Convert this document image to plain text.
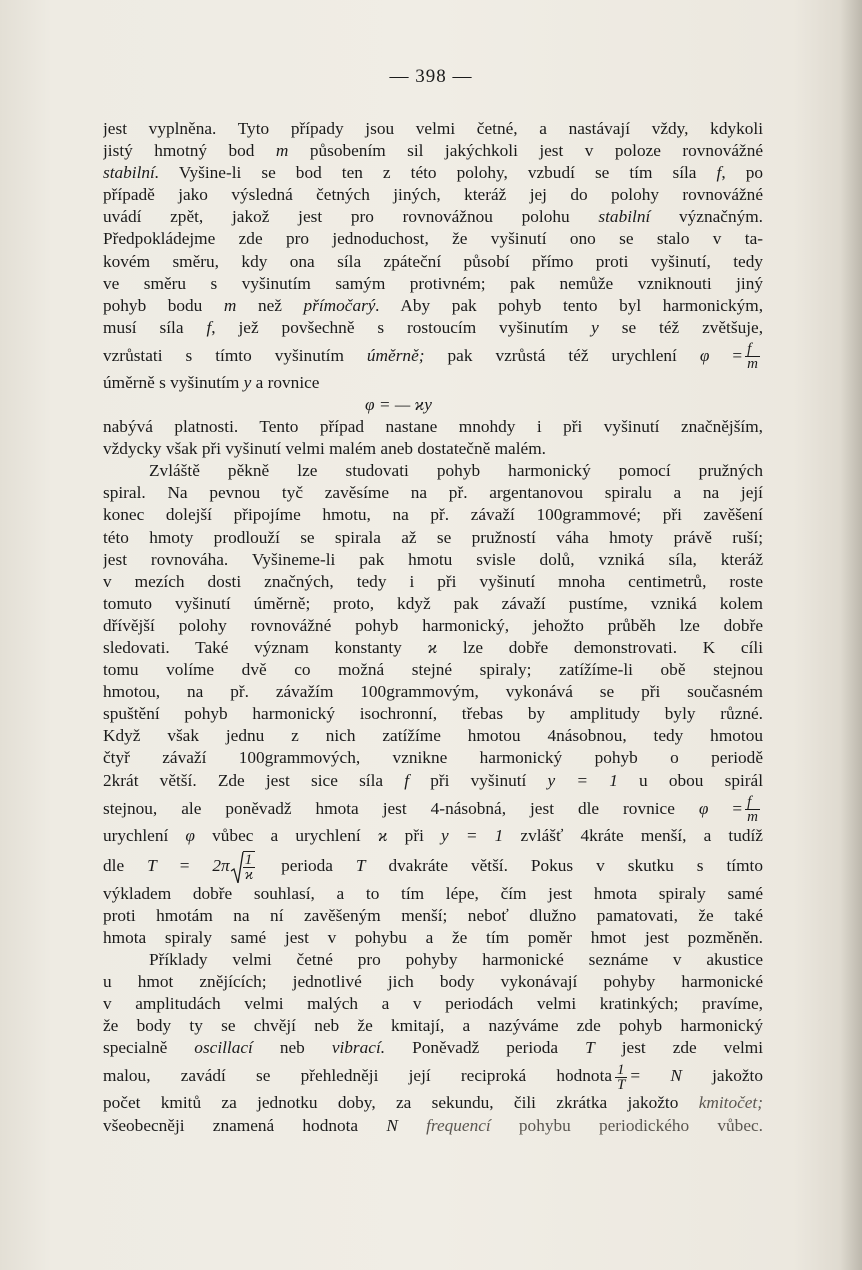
— 398 —
jest vyplněna. Tyto případy jsou velmi četné, a nastávají vždy, kdykoli
jistý hmotný bod m působením sil jakýchkoli jest v poloze rovnovážné
stabilní. Vyšine-li se bod ten z této polohy, vzbudí se tím síla f, po
případě jako výsledná četných jiných, kteráž jej do polohy rovnovážné
uvádí zpět, jakož jest pro rovnovážnou polohu stabilní význačným.
Předpokládejme zde pro jednoduchost, že vyšinutí ono se stalo v ta-
kovém směru, kdy ona síla zpáteční působí přímo proti vyšinutí, tedy
ve směru s vyšinutím samým protivném; pak nemůže vzniknouti jiný
pohyb bodu m než přímočarý. Aby pak pohyb tento byl harmonickým,
musí síla f, jež povšechně s rostoucím vyšinutím y se též zvětšuje,
vzrůstati s tímto vyšinutím úměrně; pak vzrůstá též urychlení $\varphi = \frac{f}{m}$
úměrně s vyšinutím y a rovnice
φ = — ϰy
nabývá platnosti. Tento případ nastane mnohdy i při vyšinutí značnějším,
vždycky však při vyšinutí velmi malém aneb dostatečně malém.
Zvláště pěkně lze studovati pohyb harmonický pomocí pružných
spiral. Na pevnou tyč zavěsíme na př. argentanovou spiralu a na její
konec dolejší připojíme hmotu, na př. závaží 100grammové; při zavěšení
této hmoty prodlouží se spirala až se pružností váha hmoty právě ruší;
jest rovnováha. Vyšineme-li pak hmotu svisle dolů, vzniká síla, kteráž
v mezích dosti značných, tedy i při vyšinutí mnoha centimetrů, roste
tomuto vyšinutí úměrně; proto, když pak závaží pustíme, vzniká kolem
dřívější polohy rovnovážné pohyb harmonický, jehožto průběh lze dobře
sledovati. Také význam konstanty ϰ lze dobře demonstrovati. K cíli
tomu volíme dvě co možná stejné spiraly; zatížíme-li obě stejnou
hmotou, na př. závažím 100grammovým, vykonává se při současném
spuštění pohyb harmonický isochronní, třebas by amplitudy byly různé.
Když však jednu z nich zatížíme hmotou 4násobnou, tedy hmotou
čtyř závaží 100grammových, vznikne harmonický pohyb o periodě
2krát větší. Zde jest sice síla f při vyšinutí y = 1 u obou spirál
stejnou, ale poněvadž hmota jest 4-násobná, jest dle rovnice $\varphi = \frac{f}{m}$
urychlení φ vůbec a urychlení ϰ při y = 1 zvlášť 4kráte menší, a tudíž
dle $T = 2\pi \frac{1}{ϰ}$ perioda T dvakráte větší. Pokus v skutku s tímto
výkladem dobře souhlasí, a to tím lépe, čím jest hmota spiraly samé
proti hmotám na ní zavěšeným menší; neboť dlužno pamatovati, že také
hmota spiraly samé jest v pohybu a že tím poměr hmot jest pozměněn.
Příklady velmi četné pro pohyby harmonické seznáme v akustice
u hmot znějících; jednotlivé jich body vykonávají pohyby harmonické
v amplitudách velmi malých a v periodách velmi kratinkých; pravíme,
že body ty se chvějí neb že kmitají, a nazýváme zde pohyb harmonický
specialně oscillací neb vibrací. Poněvadž perioda T jest zde velmi
malou, zavádí se přehledněji její reciproká hodnota $\frac{1}{T} = N$ jakožto
počet kmitů za jednotku doby, za sekundu, čili zkrátka jakožto kmitočet;
všeobecněji znamená hodnota N frequencí pohybu periodického vůbec.
